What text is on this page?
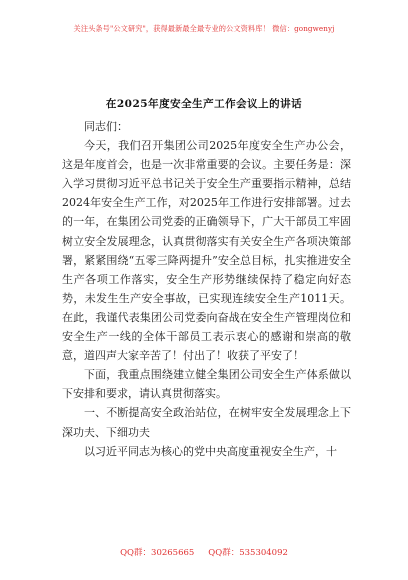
关注头条号"公文研究"，获得最新最全最专业的公文资料库！ 微信：gongwenyj
在2025年度安全生产工作会议上的讲话

同志们：

今天，我们召开集团公司2025年度安全生产办公会，这是年度首会，也是一次非常重要的会议。主要任务是：深入学习贯彻习近平总书记关于安全生产重要指示精神，总结2024年安全生产工作，对2025年工作进行安排部署。过去的一年，在集团公司党委的正确领导下，广大干部员工牢固树立安全发展理念，认真贯彻落实有关安全生产各项决策部署，紧紧围绕“五零三降两提升”安全总目标，扎实推进安全生产各项工作落实，安全生产形势继续保持了稳定向好态势，未发生生产安全事故，已实现连续安全生产1011天。在此，我谨代表集团公司党委向奋战在安全生产管理岗位和安全生产一线的全体干部员工表示衷心的感谢和崇高的敬意，道四声大家辛苦了！付出了！收获了平安了！

下面，我重点围绕建立健全集团公司安全生产体系做以下安排和要求，请认真贯彻落实。

一、不断提高安全政治站位，在树牢安全发展理念上下深功夫、下细功夫

以习近平同志为核心的党中央高度重视安全生产，十

QQ群：30265665 QQ群：535304092
